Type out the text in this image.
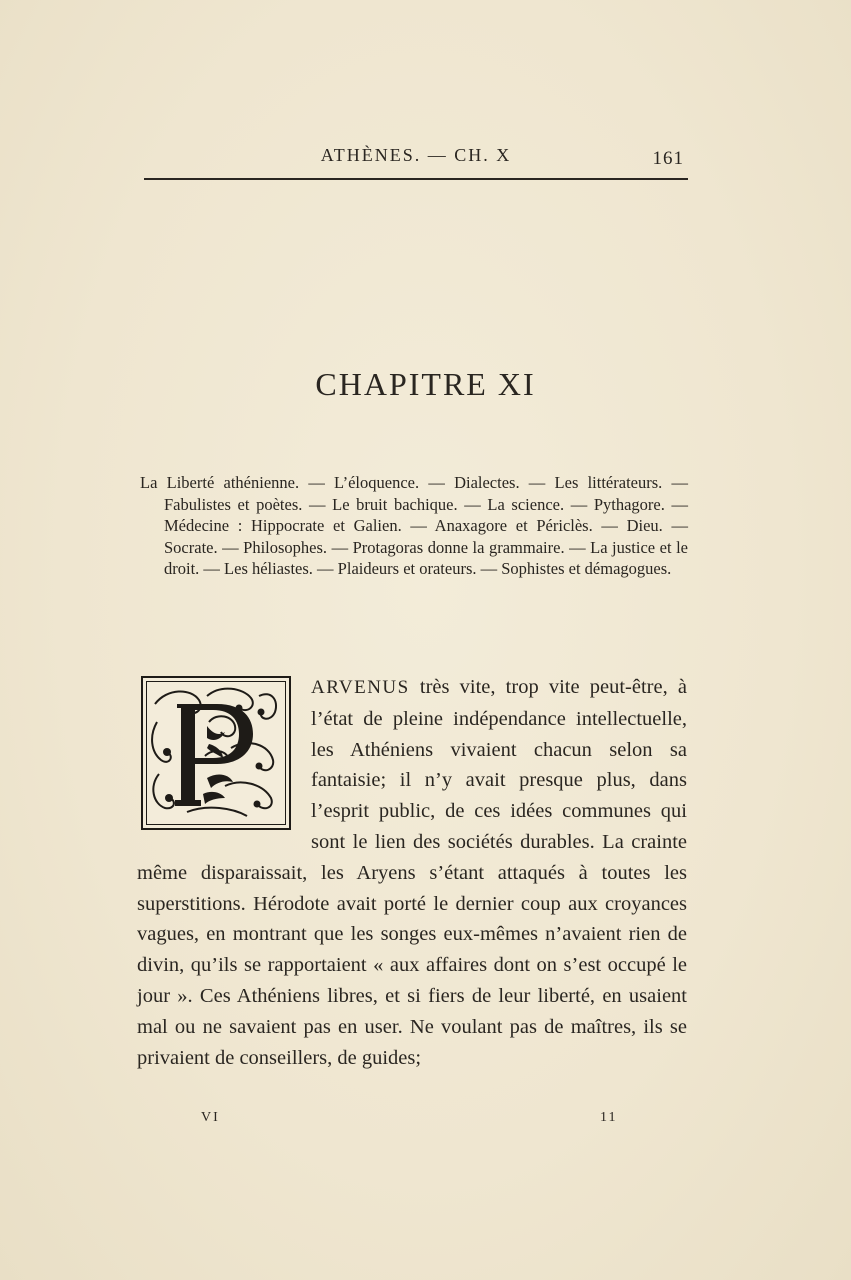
ATHÈNES. — CH. X	161
CHAPITRE XI
La Liberté athénienne. — L’éloquence. — Dialectes. — Les littérateurs. — Fabulistes et poètes. — Le bruit bachique. — La science. — Pythagore. — Médecine : Hippocrate et Galien. — Anaxagore et Périclès. — Dieu. — Socrate. — Philosophes. — Protagoras donne la grammaire. — La justice et le droit. — Les héliastes. — Plaideurs et orateurs. — Sophistes et démagogues.
ARVENUS très vite, trop vite peut-être, à l’état de pleine indépendance intellectuelle, les Athéniens vivaient chacun selon sa fantaisie; il n’y avait presque plus, dans l’esprit public, de ces idées communes qui sont le lien des sociétés durables. La crainte même disparaissait, les Aryens s’étant attaqués à toutes les superstitions. Hérodote avait porté le dernier coup aux croyances vagues, en montrant que les songes eux-mêmes n’avaient rien de divin, qu’ils se rapportaient « aux affaires dont on s’est occupé le jour ». Ces Athéniens libres, et si fiers de leur liberté, en usaient mal ou ne savaient pas en user. Ne voulant pas de maîtres, ils se privaient de conseillers, de guides;
VI	11
